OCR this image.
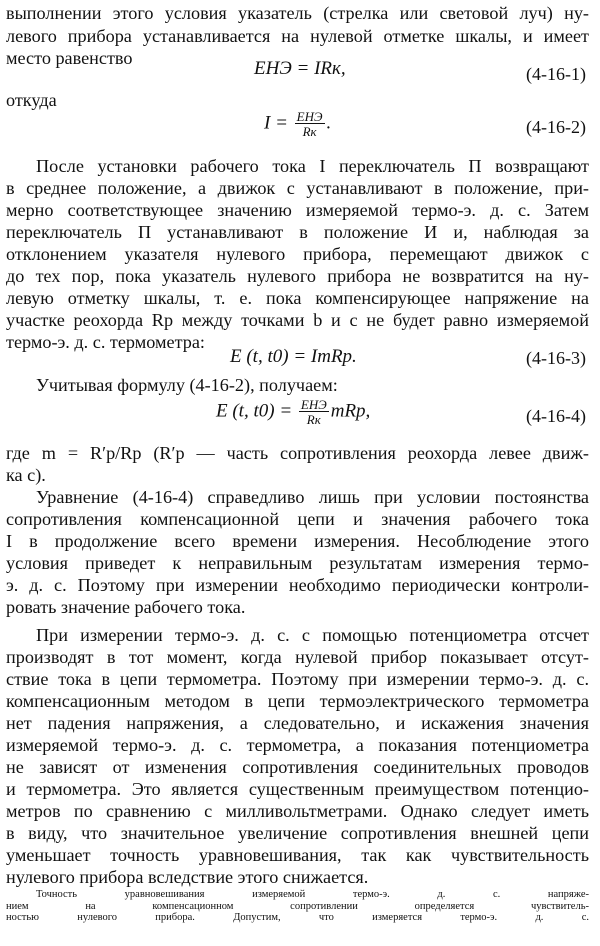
выполнении этого условия указатель (стрелка или световой луч) ну-
левого прибора устанавливается на нулевой отметке шкалы, и имеет
место равенство	EНЭ = IRк,	(4-16-1)
откуда
$I = \frac{\text{EНЭ}}{Rк}$ .	(4-16-2)
После установки рабочего тока I переключатель П возвращают
в среднее положение, а движок c устанавливают в положение, при-
мерно соответствующее значению измеряемой термо-э. д. с. Затем
переключатель П устанавливают в положение И и, наблюдая за
отклонением указателя нулевого прибора, перемещают движок c
до тех пор, пока указатель нулевого прибора не возвратится на ну-
левую отметку шкалы, т. е. пока компенсирующее напряжение на
участке реохорда Rр между точками b и c не будет равно измеряемой
термо-э. д. с. термометра:
E (t, t0) = ImRр.	(4-16-3)
Учитывая формулу (4-16-2), получаем:
E (t, $t0) = \frac{\text{EНЭ}}{Rк}$ mRр,	(4-16-4)
где m = R′р/Rр (R′р — часть сопротивления реохорда левее движ-
ка c).
Уравнение (4-16-4) справедливо лишь при условии постоянства
сопротивления компенсационной цепи и значения рабочего тока
I в продолжение всего времени измерения. Несоблюдение этого
условия приведет к неправильным результатам измерения термо-
э. д. с. Поэтому при измерении необходимо периодически контроли-
ровать значение рабочего тока.
При измерении термо-э. д. с. с помощью потенциометра отсчет
производят в тот момент, когда нулевой прибор показывает отсут-
ствие тока в цепи термометра. Поэтому при измерении термо-э. д. с.
компенсационным методом в цепи термоэлектрического термометра
нет падения напряжения, а следовательно, и искажения значения
измеряемой термо-э. д. с. термометра, а показания потенциометра
не зависят от изменения сопротивления соединительных проводов
и термометра. Это является существенным преимуществом потенцио-
метров по сравнению с милливольтметрами. Однако следует иметь
в виду, что значительное увеличение сопротивления внешней цепи
уменьшает точность уравновешивания, так как чувствительность
нулевого прибора вследствие этого снижается.
Точность уравновешивания измеряемой термо-э. д. с. напряже-
нием на компенсационном сопротивлении определяется чувствитель-
ностью нулевого прибора. Допустим, что измеряется термо-э. д. с.
